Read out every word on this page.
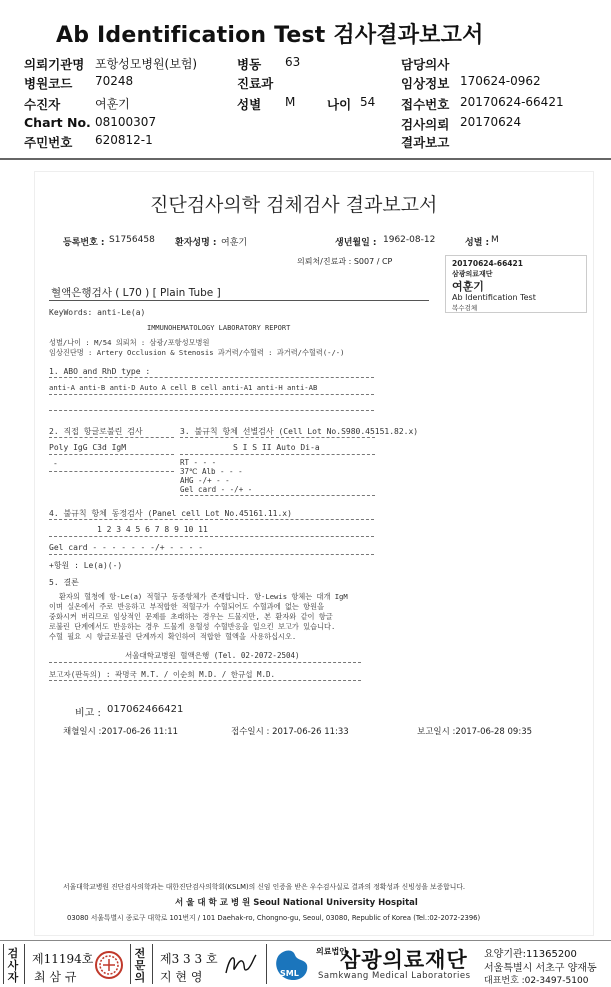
Ab Identification Test 검사결과보고서
의뢰기관명 포항성모병원(보험)	병동 63	담당의사
병원코드 70248	진료과	임상정보 170624-0962
수진자	여훈기	성별 M	나이 54 접수번호 20170624-66421
Chart No. 08100307	검사의뢰 20170624
주민번호 620812-1	결과보고
진단검사의학 검체검사 결과보고서
등록번호 : S1756458 환자성명 : 여훈기	생년월일 : 1962-08-12	성별 : M
의뢰처/진료과 : S007 / CP	20170624-66421
삼광의료재단
여훈기
Ab Identification Test
복수검체
혈액은행검사 ( L70 ) [ Plain Tube ]
KeyWords: anti-Le(a)
IMMUNOHEMATOLOGY LABORATORY REPORT
성별/나이 : M/54 의뢰처 : 삼광/포항성모병원
임상진단명 : Artery Occlusion & Stenosis 과거력/수혈력 : 과거력/수혈력(-/-)
1. ABO and RhD type :
anti-A anti-B anti-D Auto A cell B cell anti-A1 anti-H anti-AB
2. 직접 항글로불린 검사
Poly IgG C3d IgM
-
3. 불규칙 항체 선별검사 (Cell Lot No.S980.45151.82.x)
S I S II Auto Di-a
RT - - -
37℃ Alb - - -
AHG -/+ - -
Gel card - -/+ -
4. 불규칙 항체 동정검사 (Panel cell Lot No.45161.11.x)
1 2 3 4 5 6 7 8 9 10 11
Gel card - - - - - - -/+ - - - -
+항원 : Le(a)(-)
5. 결론
환자의 혈청에 항-Le(a) 적혈구 동종항체가 존재합니다. 항-Lewis 항체는 대개 IgM
이며 실온에서 주로 반응하고 부적합한 적혈구가 수혈되어도 수혈과에 없는 항원을
중화시켜 버리므로 임상적인 문제를 초래하는 경우는 드물지만, 본 환자와 같이 항글
로불린 단계에서도 반응하는 경우 드물게 용혈성 수혈반응을 일으킨 보고가 있습니다.
수혈 필요 시 항글로불린 단계까지 확인하여 적합한 혈액을 사용하십시오.
서울대학교병원 혈액은행 (Tel. 02-2072-2504)
보고자(판독의) : 곽명국 M.T. / 이순희 M.D. / 한규섭 M.D.
비고 : 017062466421
채혈일시 :2017-06-26 11:11	접수일시 : 2017-06-26 11:33	보고일시 :2017-06-28 09:35
서울대학교병원 진단검사의학과는 대한진단검사의학회(KSLM)의 신임 인증을 받은 우수검사실로 결과의 정확성과 신빙성을 보증합니다.
서 울 대 학 교 병 원 Seoul National University Hospital
03080 서울특별시 종로구 대학로 101번지 / 101 Daehak-ro, Chongno-gu, Seoul, 03080, Republic of Korea (Tel.:02-2072-2396)
검사자
제11194호
최 삼 규
전문의
제3 3 3 호
지 현 영	SML
의료법인
삼광의료재단
Samkwang Medical Laboratories
요양기관:11365200
서울특별시 서초구 양재동
대표번호 :02-3497-5100
